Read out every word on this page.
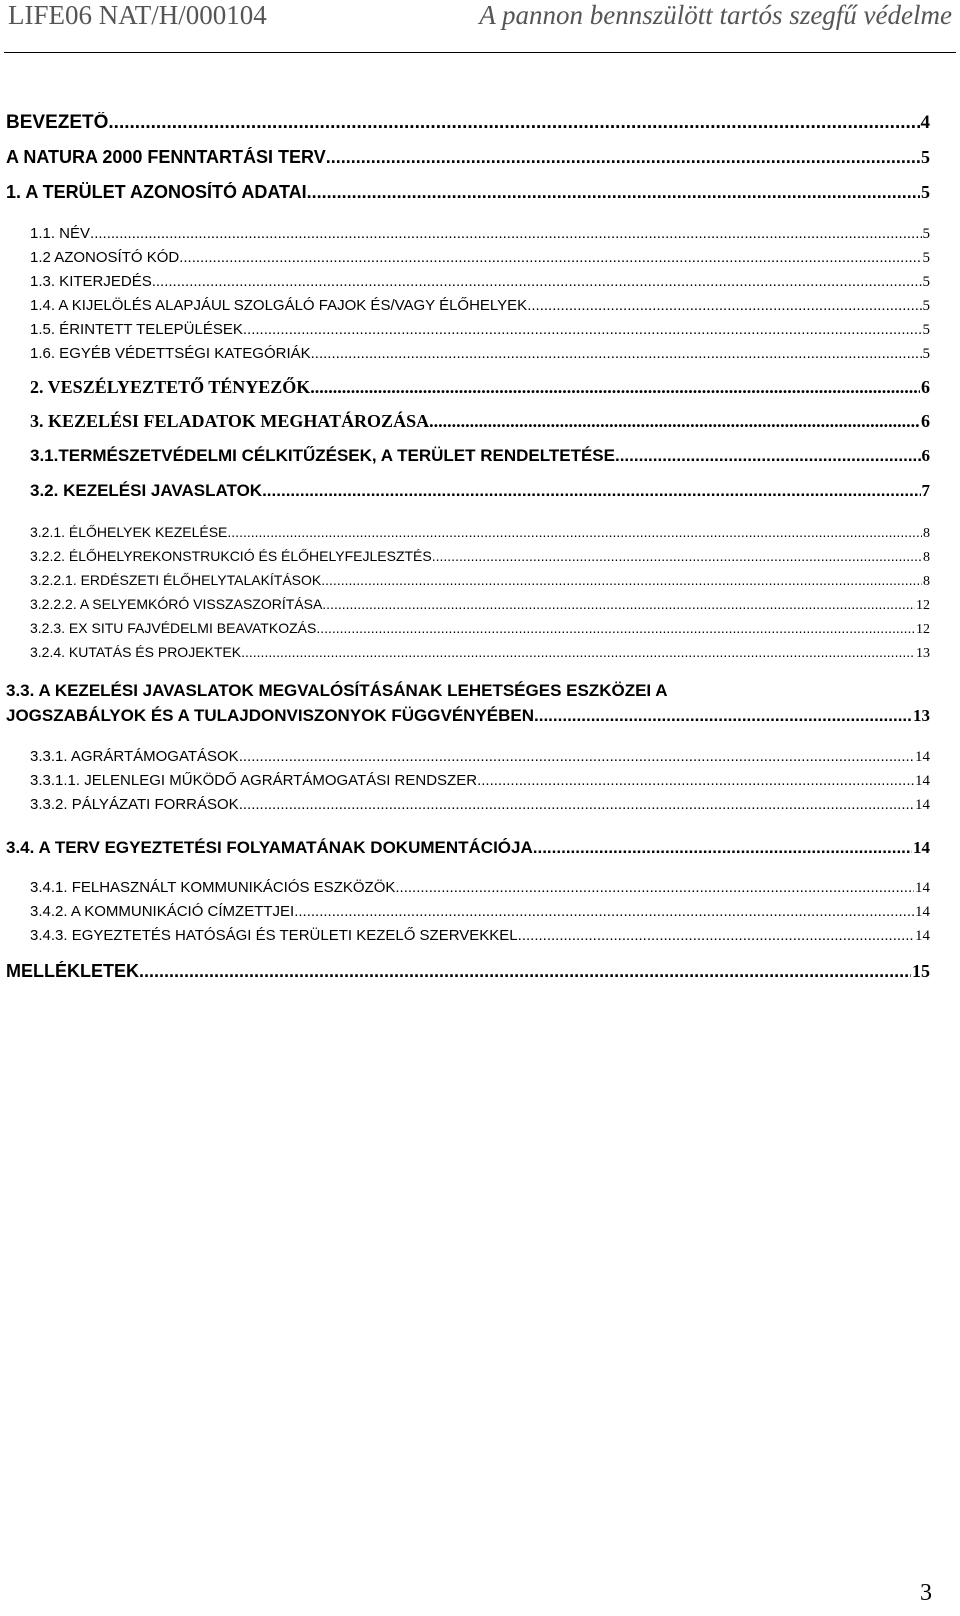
LIFE06 NAT/H/000104	A pannon bennszülött tartós szegfű védelme
BEVEZETŐ .....	4
A NATURA 2000 FENNTARTÁSI TERV .....	5
1. A TERÜLET AZONOSÍTÓ ADATAI .....	5
1.1. NÉV .....	5
1.2 AZONOSÍTÓ KÓD .....	5
1.3. KITERJEDÉS .....	5
1.4. A KIJELÖLÉS ALAPJÁUL SZOLGÁLÓ FAJOK ÉS/VAGY ÉLŐHELYEK .....	5
1.5. ÉRINTETT TELEPÜLÉSEK .....	5
1.6. EGYÉB VÉDETTSÉGI KATEGÓRIÁK .....	5
2. VESZÉLYEZTETŐ TÉNYEZŐK .....	6
3. KEZELÉSI FELADATOK MEGHATÁROZÁSA .....	6
3.1.TERMÉSZETVÉDELMI CÉLKITŰZÉSEK, A TERÜLET RENDELTETÉSE .....	6
3.2. KEZELÉSI JAVASLATOK .....	7
3.2.1. ÉLŐHELYEK KEZELÉSE .....	8
3.2.2. ÉLŐHELYREKONSTRUKCIÓ ÉS ÉLŐHELYFEJLESZTÉS .....	8
3.2.2.1. ERDÉSZETI ÉLŐHELYTALAKÍTÁSOK .....	8
3.2.2.2. A SELYEMKÓRÓ VISSZASZORÍTÁSA .....	12
3.2.3. EX SITU FAJVÉDELMI BEAVATKOZÁS .....	12
3.2.4. KUTATÁS ÉS PROJEKTEK .....	13
3.3. A KEZELÉSI JAVASLATOK MEGVALÓSÍTÁSÁNAK LEHETSÉGES ESZKÖZEI A
JOGSZABÁLYOK ÉS A TULAJDONVISZONYOK FÜGGVÉNYÉBEN .....	13
3.3.1. AGRÁRTÁMOGATÁSOK .....	14
3.3.1.1. JELENLEGI MŰKÖDŐ AGRÁRTÁMOGATÁSI RENDSZER .....	14
3.3.2. PÁLYÁZATI FORRÁSOK .....	14
3.4. A TERV EGYEZTETÉSI FOLYAMATÁNAK DOKUMENTÁCIÓJA .....	14
3.4.1. FELHASZNÁLT KOMMUNIKÁCIÓS ESZKÖZÖK .....	14
3.4.2. A KOMMUNIKÁCIÓ CÍMZETTJEI .....	14
3.4.3. EGYEZTETÉS HATÓSÁGI ÉS TERÜLETI KEZELŐ SZERVEKKEL .....	14
MELLÉKLETEK .....	15
3
